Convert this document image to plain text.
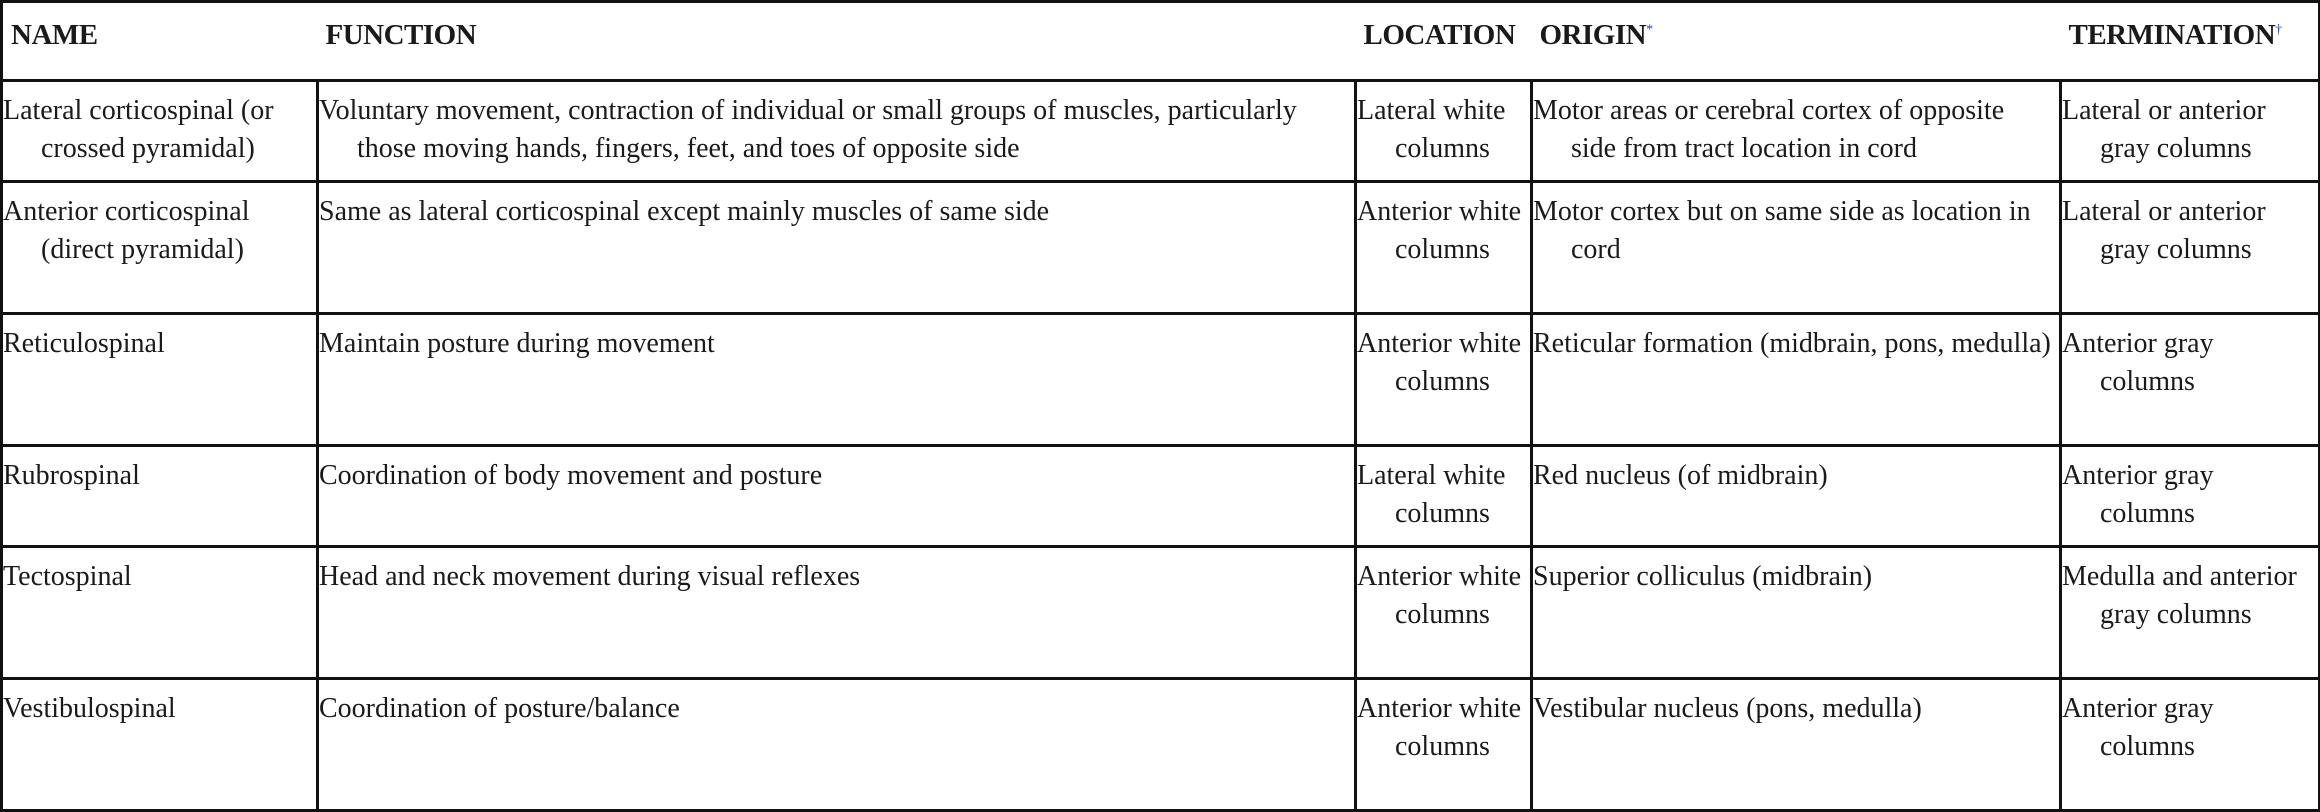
NAME	FUNCTION	LOCATION	ORIGIN*	TERMINATION†
Lateral corticospinal (or crossed pyramidal)	Voluntary movement, contraction of individual or small groups of muscles, particularly those moving hands, fingers, feet, and toes of opposite side	Lateral white columns	Motor areas or cerebral cortex of opposite side from tract location in cord	Lateral or anterior gray columns
Anterior corticospinal (direct pyramidal)	Same as lateral corticospinal except mainly muscles of same side	Anterior white columns	Motor cortex but on same side as location in cord	Lateral or anterior gray columns
Reticulospinal	Maintain posture during movement	Anterior white columns	Reticular formation (midbrain, pons, medulla)	Anterior gray columns
Rubrospinal	Coordination of body movement and posture	Lateral white columns	Red nucleus (of midbrain)	Anterior gray columns
Tectospinal	Head and neck movement during visual reflexes	Anterior white columns	Superior colliculus (midbrain)	Medulla and anterior gray columns
Vestibulospinal	Coordination of posture/balance	Anterior white columns	Vestibular nucleus (pons, medulla)	Anterior gray columns
